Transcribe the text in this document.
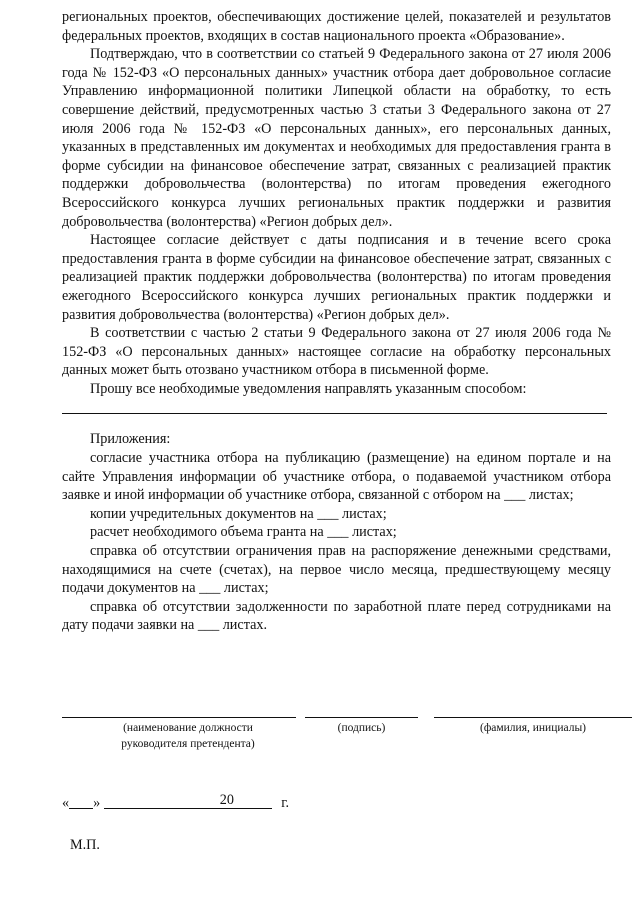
региональных проектов, обеспечивающих достижение целей, показателей и результатов федеральных проектов, входящих в состав национального проекта «Образование».

Подтверждаю, что в соответствии со статьей 9 Федерального закона от 27 июля 2006 года № 152-ФЗ «О персональных данных» участник отбора дает добровольное согласие Управлению информационной политики Липецкой области на обработку, то есть совершение действий, предусмотренных частью 3 статьи 3 Федерального закона от 27 июля 2006 года № 152-ФЗ «О персональных данных», его персональных данных, указанных в представленных им документах и необходимых для предоставления гранта в форме субсидии на финансовое обеспечение затрат, связанных с реализацией практик поддержки добровольчества (волонтерства) по итогам проведения ежегодного Всероссийского конкурса лучших региональных практик поддержки и развития добровольчества (волонтерства) «Регион добрых дел».

Настоящее согласие действует с даты подписания и в течение всего срока предоставления гранта в форме субсидии на финансовое обеспечение затрат, связанных с реализацией практик поддержки добровольчества (волонтерства) по итогам проведения ежегодного Всероссийского конкурса лучших региональных практик поддержки и развития добровольчества (волонтерства) «Регион добрых дел».

В соответствии с частью 2 статьи 9 Федерального закона от 27 июля 2006 года № 152-ФЗ «О персональных данных» настоящее согласие на обработку персональных данных может быть отозвано участником отбора в письменной форме.

Прошу все необходимые уведомления направлять указанным способом:

Приложения:

согласие участника отбора на публикацию (размещение) на едином портале и на сайте Управления информации об участнике отбора, о подаваемой участником отбора заявке и иной информации об участнике отбора, связанной с отбором на ___ листах;

копии учредительных документов на ___ листах;

расчет необходимого объема гранта на ___ листах;

справка об отсутствии ограничения прав на распоряжение денежными средствами, находящимися на счете (счетах), на первое число месяца, предшествующему месяцу подачи документов на ___ листах;

справка об отсутствии задолженности по заработной плате перед сотрудниками на дату подачи заявки на ___ листах.

(наименование должности руководителя претендента)
(подпись)	(фамилия, инициалы)
« »	20	г.
М.П.
